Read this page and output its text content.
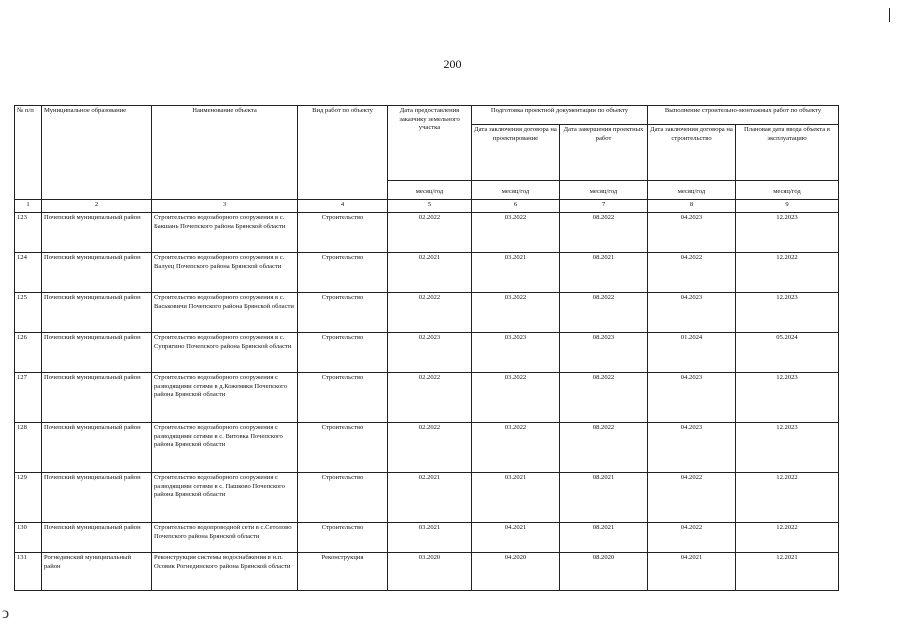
200
ↄ
№ п/п	Муниципальное образование	Наименование объекта	Вид работ по объекту	Дата предоставления заказчику земельного участка	Подготовка проектной документации по объекту		Выполнение строительно-монтажных работ по объекту	
					Дата заключения договора на проектирование	Дата завершения проектных работ	Дата заключения договора на строительство	Плановая дата ввода объекта в эксплуатацию
				месяц/год	месяц/год	месяц/год	месяц/год	месяц/год
1	2	3	4	5	6	7	8	9
123	Почепский муниципальный район	Строительство водозаборного сооружения в с. Бакшань Почепского района Брянской области	Строительство	02.2022	03.2022	08.2022	04.2023	12.2023
124	Почепский муниципальный район	Строительство водозаборного сооружения в с. Валуец Почепского района Брянской области	Строительство	02.2021	03.2021	08.2021	04.2022	12.2022
125	Почепский муниципальный район	Строительство водозаборного сооружения в с. Васьковичи Почепского района Брянской области	Строительство	02.2022	03.2022	08.2022	04.2023	12.2023
126	Почепский муниципальный район	Строительство водозаборного сооружения в с. Супрягино Почепского района Брянской области	Строительство	02.2023	03.2023	08.2023	01.2024	05.2024
127	Почепский муниципальный район	Строительство водозаборного сооружения с разводящими сетями в д.Кожемяки Почепского района Брянской области	Строительство	02.2022	03.2022	08.2022	04.2023	12.2023
128	Почепский муниципальный район	Строительство водозаборного сооружения с разводящими сетями в с. Витовка Почепского района Брянской области	Строительство	02.2022	03.2022	08.2022	04.2023	12.2023
129	Почепский муниципальный район	Строительство водозаборного сооружения с разводящими сетями в с. Пашково Почепского района Брянской области	Строительство	02.2021	03.2021	08.2021	04.2022	12.2022
130	Почепский муниципальный район	Строительство водопроводной сети в с.Сетолово Почепского района Брянской области	Строительство	03.2021	04.2021	08.2021	04.2022	12.2022
131	Рогнединский муниципальный район	Реконструкция системы водоснабжения в н.п. Осовик Рогнединского района Брянской области	Реконструкция	03.2020	04.2020	08.2020	04.2021	12.2021
